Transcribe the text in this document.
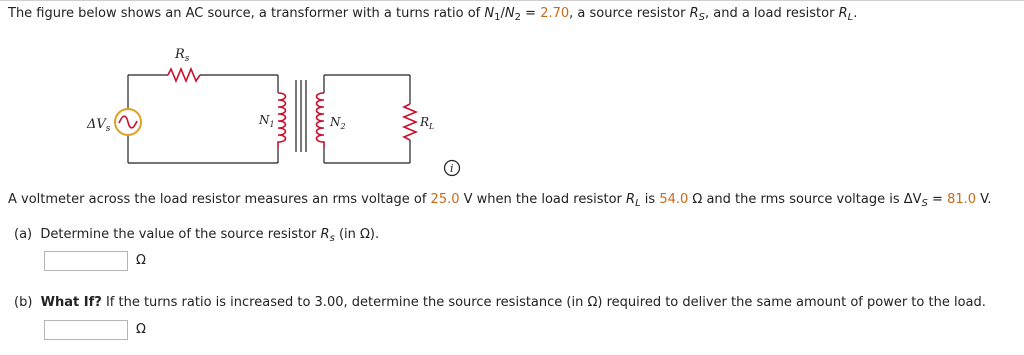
The figure below shows an AC source, a transformer with a turns ratio of $N_1/N_2 = 2.70$, a source resistor $R_S$, and a load resistor $R_L$.
$R_s$
$\Delta V_s$
$N_1$	$N_2$	$R_L$
i
A voltmeter across the load resistor measures an rms voltage of 25.0 V when the load resistor $R_L$ is 54.0 Ω and the rms source voltage is $\Delta V_S = 81.0$ V.
(a) Determine the value of the source resistor $R_s$ (in Ω).
Ω
(b) What If? If the turns ratio is increased to 3.00, determine the source resistance (in Ω) required to deliver the same amount of power to the load.
Ω
